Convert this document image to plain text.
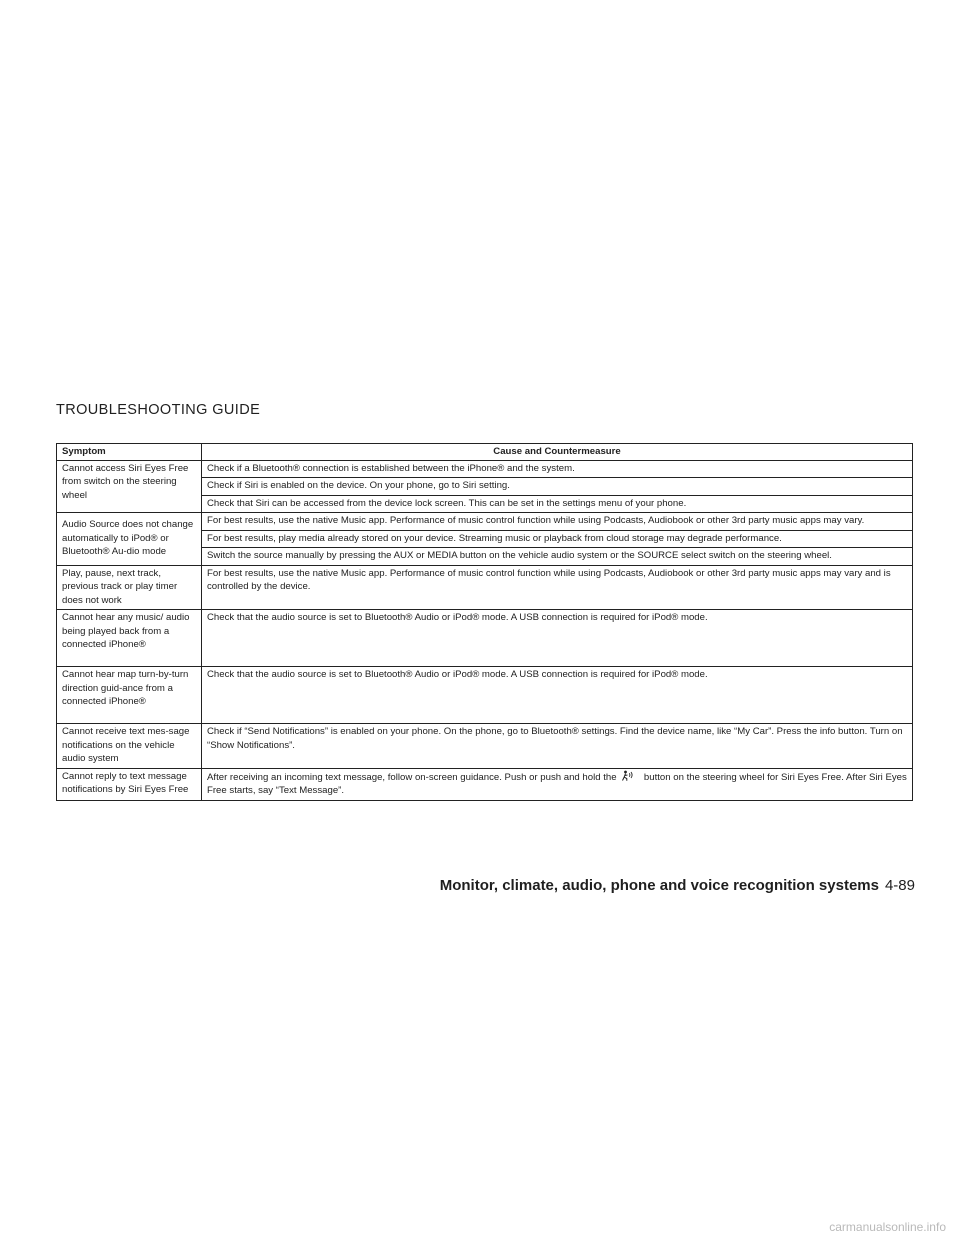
TROUBLESHOOTING GUIDE
Symptom	Cause and Countermeasure
Cannot access Siri Eyes Free from switch on the steering wheel	Check if a Bluetooth® connection is established between the iPhone® and the system.
	Check if Siri is enabled on the device. On your phone, go to Siri setting.
	Check that Siri can be accessed from the device lock screen. This can be set in the settings menu of your phone.
Audio Source does not change automatically to iPod® or Bluetooth® Au-dio mode	For best results, use the native Music app. Performance of music control function while using Podcasts, Audiobook or other 3rd party music apps may vary.
	For best results, play media already stored on your device. Streaming music or playback from cloud storage may degrade performance.
	Switch the source manually by pressing the AUX or MEDIA button on the vehicle audio system or the SOURCE select switch on the steering wheel.
Play, pause, next track, previous track or play timer does not work	For best results, use the native Music app. Performance of music control function while using Podcasts, Audiobook or other 3rd party music apps may vary and is controlled by the device.
Cannot hear any music/ audio being played back from a connected iPhone®	Check that the audio source is set to Bluetooth® Audio or iPod® mode. A USB connection is required for iPod® mode.
Cannot hear map turn-by-turn direction guid-ance from a connected iPhone®	Check that the audio source is set to Bluetooth® Audio or iPod® mode. A USB connection is required for iPod® mode.
Cannot receive text mes-sage notifications on the vehicle audio system	Check if “Send Notifications” is enabled on your phone. On the phone, go to Bluetooth® settings. Find the device name, like “My Car”. Press the info button. Turn on “Show Notifications”.
Cannot reply to text message notifications by Siri Eyes Free	After receiving an incoming text message, follow on-screen guidance. Push or push and hold the button on the steering wheel for Siri Eyes Free. After Siri Eyes Free starts, say “Text Message”.
Monitor, climate, audio, phone and voice recognition systems 4-89
carmanualsonline.info
